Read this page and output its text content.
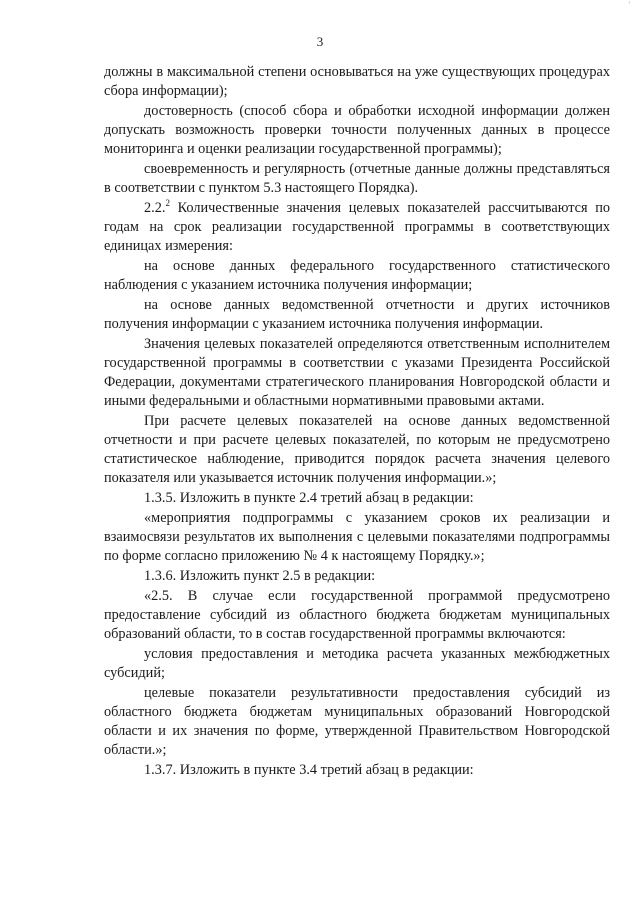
'
3

должны в максимальной степени основываться на уже существующих процедурах сбора информации);

достоверность (способ сбора и обработки исходной информации должен допускать возможность проверки точности полученных данных в процессе мониторинга и оценки реализации государственной программы);

своевременность и регулярность (отчетные данные должны представляться в соответствии с пунктом 5.3 настоящего Порядка).

2.2.$^2$ Количественные значения целевых показателей рассчитываются по годам на срок реализации государственной программы в соответствующих единицах измерения:

на основе данных федерального государственного статистического наблюдения с указанием источника получения информации;

на основе данных ведомственной отчетности и других источников получения информации с указанием источника получения информации.

Значения целевых показателей определяются ответственным исполнителем государственной программы в соответствии с указами Президента Российской Федерации, документами стратегического планирования Новгородской области и иными федеральными и областными нормативными правовыми актами.

При расчете целевых показателей на основе данных ведомственной отчетности и при расчете целевых показателей, по которым не предусмотрено статистическое наблюдение, приводится порядок расчета значения целевого показателя или указывается источник получения информации.»;

1.3.5. Изложить в пункте 2.4 третий абзац в редакции:

«мероприятия подпрограммы с указанием сроков их реализации и взаимосвязи результатов их выполнения с целевыми показателями подпрограммы по форме согласно приложению № 4 к настоящему Порядку.»;

1.3.6. Изложить пункт 2.5 в редакции:

«2.5. В случае если государственной программой предусмотрено предоставление субсидий из областного бюджета бюджетам муниципальных образований области, то в состав государственной программы включаются:

условия предоставления и методика расчета указанных межбюджетных субсидий;

целевые показатели результативности предоставления субсидий из областного бюджета бюджетам муниципальных образований Новгородской области и их значения по форме, утвержденной Правительством Новгородской области.»;

1.3.7. Изложить в пункте 3.4 третий абзац в редакции:
